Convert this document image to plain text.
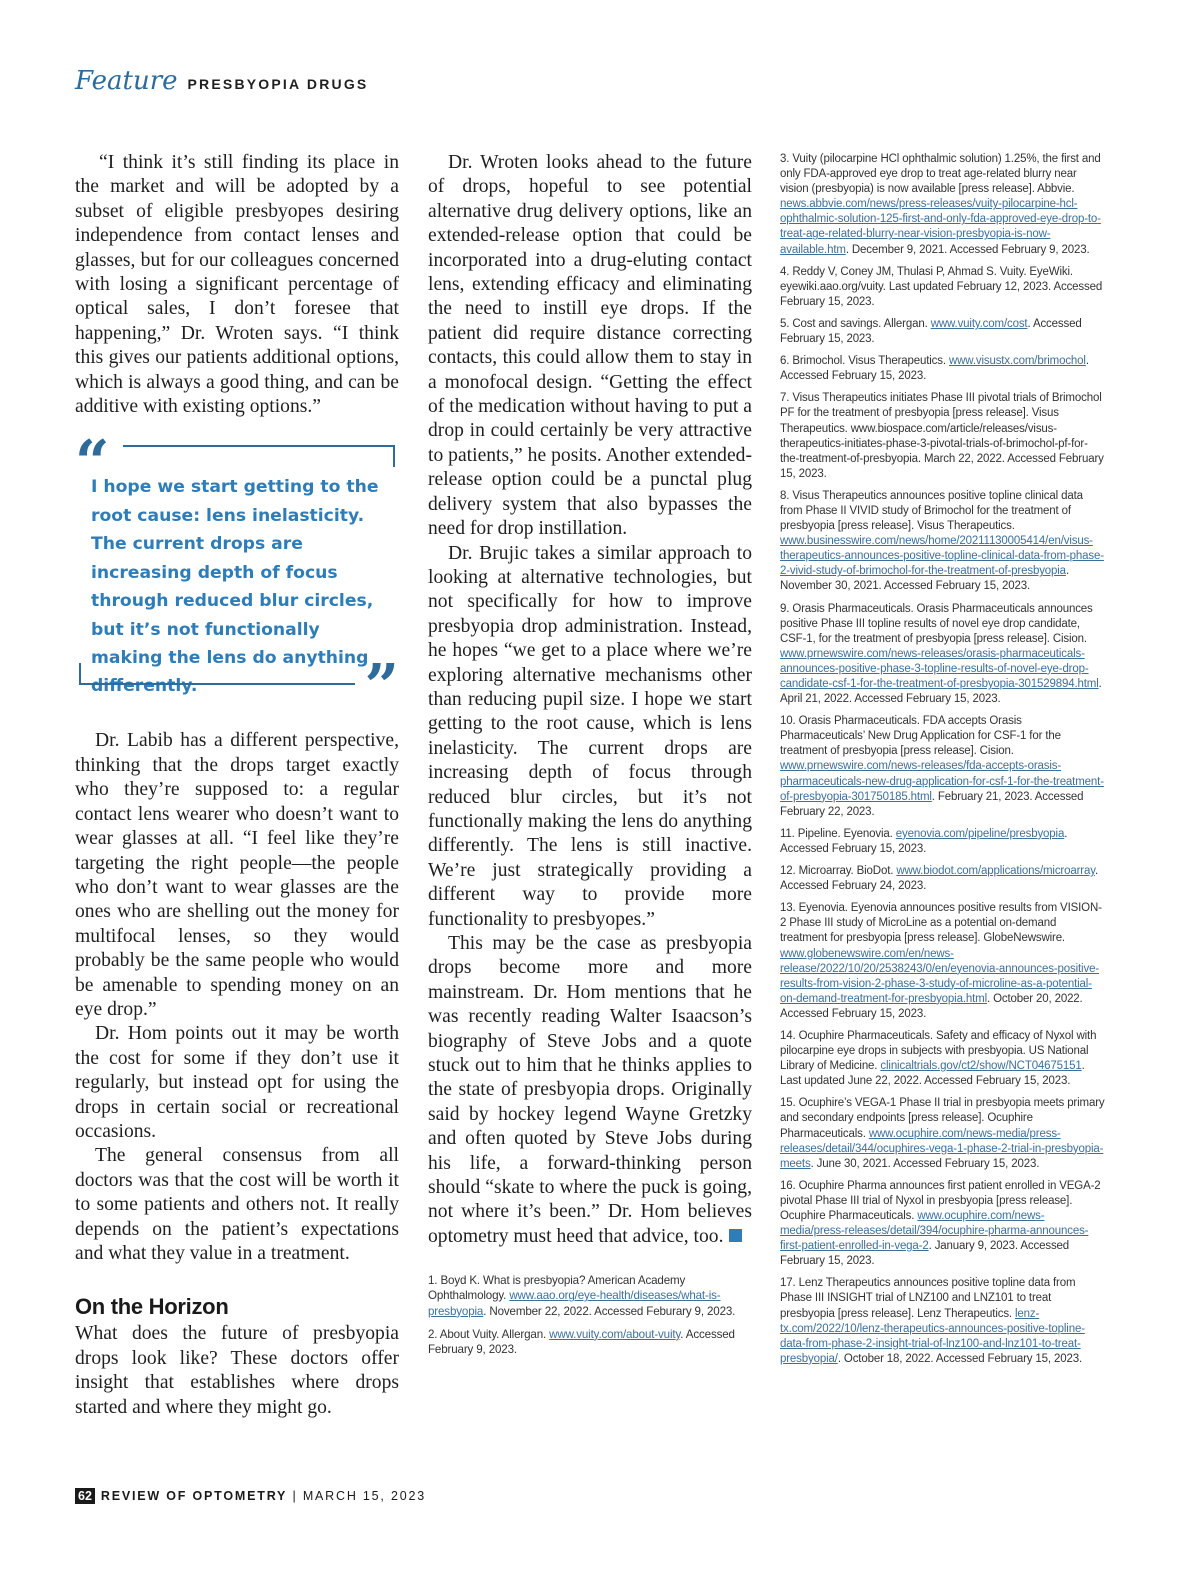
Feature PRESBYOPIA DRUGS

“I think it’s still finding its place in the market and will be adopted by a subset of eligible presbyopes desiring independence from contact lenses and glasses, but for our colleagues concerned with losing a significant percentage of optical sales, I don’t foresee that happening,” Dr. Wroten says. “I think this gives our patients additional options, which is always a good thing, and can be additive with existing options.”

“
I hope we start getting to the root cause: lens inelasticity. The current drops are increasing depth of focus through reduced blur circles, but it’s not functionally making the lens do anything differently.	”

Dr. Labib has a different perspective, thinking that the drops target exactly who they’re supposed to: a regular contact lens wearer who doesn’t want to wear glasses at all. “I feel like they’re targeting the right people—the people who don’t want to wear glasses are the ones who are shelling out the money for multifocal lenses, so they would probably be the same people who would be amenable to spending money on an eye drop.”

Dr. Hom points out it may be worth the cost for some if they don’t use it regularly, but instead opt for using the drops in certain social or recreational occasions.

The general consensus from all doctors was that the cost will be worth it to some patients and others not. It really depends on the patient’s expectations and what they value in a treatment.

On the Horizon

What does the future of presbyopia drops look like? These doctors offer insight that establishes where drops started and where they might go.

Dr. Wroten looks ahead to the future of drops, hopeful to see potential alternative drug delivery options, like an extended-release option that could be incorporated into a drug-eluting contact lens, extending efficacy and eliminating the need to instill eye drops. If the patient did require distance correcting contacts, this could allow them to stay in a monofocal design. “Getting the effect of the medication without having to put a drop in could certainly be very attractive to patients,” he posits. Another extended-release option could be a punctal plug delivery system that also bypasses the need for drop instillation.

Dr. Brujic takes a similar approach to looking at alternative technologies, but not specifically for how to improve presbyopia drop administration. Instead, he hopes “we get to a place where we’re exploring alternative mechanisms other than reducing pupil size. I hope we start getting to the root cause, which is lens inelasticity. The current drops are increasing depth of focus through reduced blur circles, but it’s not functionally making the lens do anything differently. The lens is still inactive. We’re just strategically providing a different way to provide more functionality to presbyopes.”

This may be the case as presbyopia drops become more and more mainstream. Dr. Hom mentions that he was recently reading Walter Isaacson’s biography of Steve Jobs and a quote stuck out to him that he thinks applies to the state of presbyopia drops. Originally said by hockey legend Wayne Gretzky and often quoted by Steve Jobs during his life, a forward-thinking person should “skate to where the puck is going, not where it’s been.” Dr. Hom believes optometry must heed that advice, too.

1. Boyd K. What is presbyopia? American Academy Ophthalmology. www.aao.org/eye-health/diseases/what-is-presbyopia. November 22, 2022. Accessed Feburary 9, 2023.
2. About Vuity. Allergan. www.vuity.com/about-vuity. Accessed February 9, 2023.
3. Vuity (pilocarpine HCl ophthalmic solution) 1.25%, the first and only FDA-approved eye drop to treat age-related blurry near vision (presbyopia) is now available [press release]. Abbvie. news.abbvie.com/news/press-releases/vuity-pilocarpine-hcl-ophthalmic-solution-125-first-and-only-fda-approved-eye-drop-to-treat-age-related-blurry-near-vision-presbyopia-is-now-available.htm. December 9, 2021. Accessed February 9, 2023.
4. Reddy V, Coney JM, Thulasi P, Ahmad S. Vuity. EyeWiki. eyewiki.aao.org/vuity. Last updated February 12, 2023. Accessed February 15, 2023.
5. Cost and savings. Allergan. www.vuity.com/cost. Accessed February 15, 2023.
6. Brimochol. Visus Therapeutics. www.visustx.com/brimochol. Accessed February 15, 2023.
7. Visus Therapeutics initiates Phase III pivotal trials of Brimochol PF for the treatment of presbyopia [press release]. Visus Therapeutics. www.biospace.com/article/releases/visus-therapeutics-initiates-phase-3-pivotal-trials-of-brimochol-pf-for-the-treatment-of-presbyopia. March 22, 2022. Accessed February 15, 2023.
8. Visus Therapeutics announces positive topline clinical data from Phase II VIVID study of Brimochol for the treatment of presbyopia [press release]. Visus Therapeutics. www.businesswire.com/news/home/20211130005414/en/visus-therapeutics-announces-positive-topline-clinical-data-from-phase-2-vivid-study-of-brimochol-for-the-treatment-of-presbyopia. November 30, 2021. Accessed February 15, 2023.
9. Orasis Pharmaceuticals. Orasis Pharmaceuticals announces positive Phase III topline results of novel eye drop candidate, CSF-1, for the treatment of presbyopia [press release]. Cision. www.prnewswire.com/news-releases/orasis-pharmaceuticals-announces-positive-phase-3-topline-results-of-novel-eye-drop-candidate-csf-1-for-the-treatment-of-presbyopia-301529894.html. April 21, 2022. Accessed February 15, 2023.
10. Orasis Pharmaceuticals. FDA accepts Orasis Pharmaceuticals’ New Drug Application for CSF-1 for the treatment of presbyopia [press release]. Cision. www.prnewswire.com/news-releases/fda-accepts-orasis-pharmaceuticals-new-drug-application-for-csf-1-for-the-treatment-of-presbyopia-301750185.html. February 21, 2023. Accessed February 22, 2023.
11. Pipeline. Eyenovia. eyenovia.com/pipeline/presbyopia. Accessed February 15, 2023.
12. Microarray. BioDot. www.biodot.com/applications/microarray. Accessed February 24, 2023.
13. Eyenovia. Eyenovia announces positive results from VISION-2 Phase III study of MicroLine as a potential on-demand treatment for presbyopia [press release]. GlobeNewswire. www.globenewswire.com/en/news-release/2022/10/20/2538243/0/en/eyenovia-announces-positive-results-from-vision-2-phase-3-study-of-microline-as-a-potential-on-demand-treatment-for-presbyopia.html. October 20, 2022. Accessed February 15, 2023.
14. Ocuphire Pharmaceuticals. Safety and efficacy of Nyxol with pilocarpine eye drops in subjects with presbyopia. US National Library of Medicine. clinicaltrials.gov/ct2/show/NCT04675151. Last updated June 22, 2022. Accessed February 15, 2023.
15. Ocuphire’s VEGA-1 Phase II trial in presbyopia meets primary and secondary endpoints [press release]. Ocuphire Pharmaceuticals. www.ocuphire.com/news-media/press-releases/detail/344/ocuphires-vega-1-phase-2-trial-in-presbyopia-meets. June 30, 2021. Accessed February 15, 2023.
16. Ocuphire Pharma announces first patient enrolled in VEGA-2 pivotal Phase III trial of Nyxol in presbyopia [press release]. Ocuphire Pharmaceuticals. www.ocuphire.com/news-media/press-releases/detail/394/ocuphire-pharma-announces-first-patient-enrolled-in-vega-2. January 9, 2023. Accessed February 15, 2023.
17. Lenz Therapeutics announces positive topline data from Phase III INSIGHT trial of LNZ100 and LNZ101 to treat presbyopia [press release]. Lenz Therapeutics. lenz-tx.com/2022/10/lenz-therapeutics-announces-positive-topline-data-from-phase-2-insight-trial-of-lnz100-and-lnz101-to-treat-presbyopia/. October 18, 2022. Accessed February 15, 2023.
62 REVIEW OF OPTOMETRY | MARCH 15, 2023
